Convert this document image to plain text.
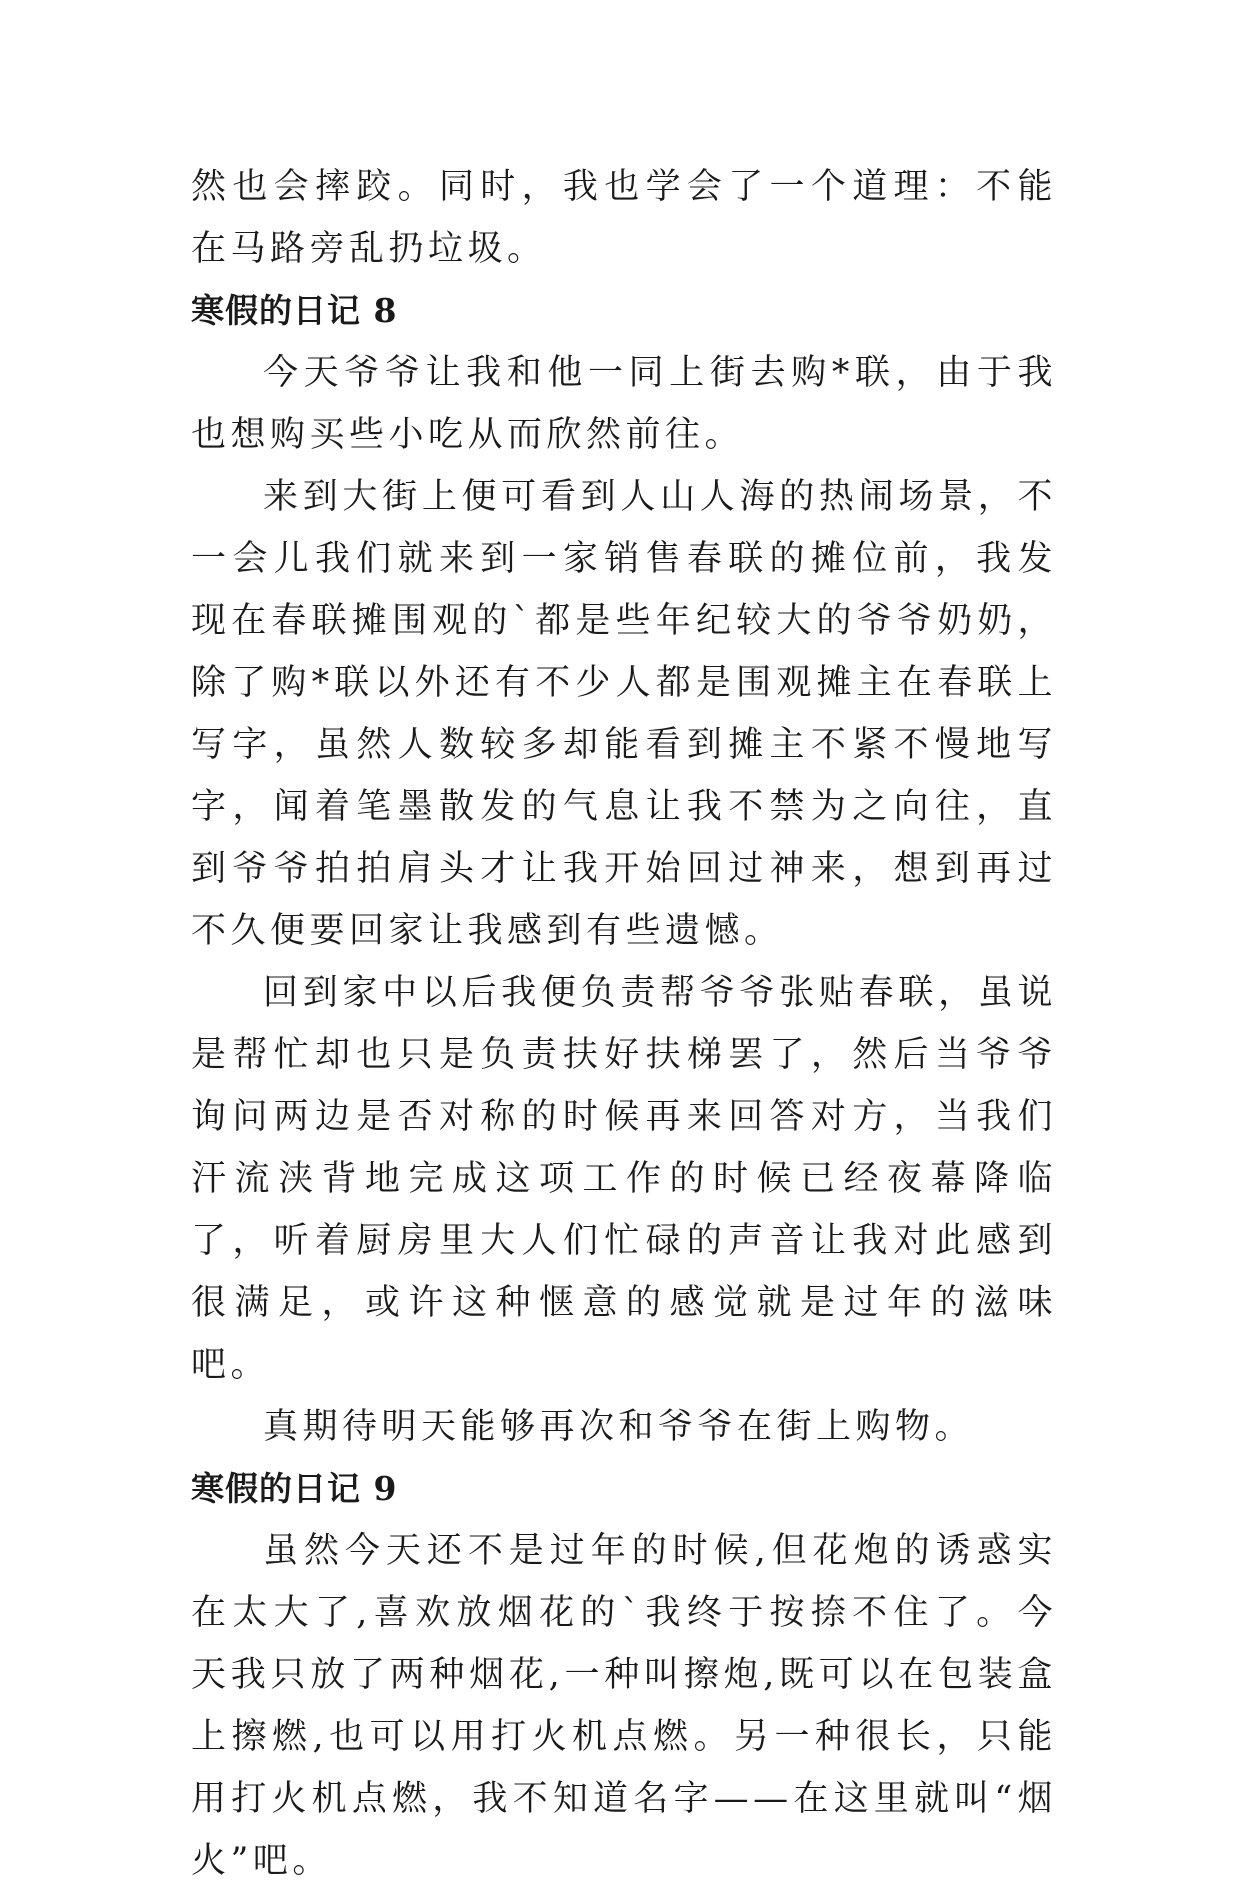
然也会摔跤。同时，我也学会了一个道理：不能在马路旁乱扔垃圾。

寒假的日记 8

今天爷爷让我和他一同上街去购*联，由于我也想购买些小吃从而欣然前往。

来到大街上便可看到人山人海的热闹场景，不一会儿我们就来到一家销售春联的摊位前，我发现在春联摊围观的`都是些年纪较大的爷爷奶奶，除了购*联以外还有不少人都是围观摊主在春联上写字，虽然人数较多却能看到摊主不紧不慢地写字，闻着笔墨散发的气息让我不禁为之向往，直到爷爷拍拍肩头才让我开始回过神来，想到再过不久便要回家让我感到有些遗憾。

回到家中以后我便负责帮爷爷张贴春联，虽说是帮忙却也只是负责扶好扶梯罢了，然后当爷爷询问两边是否对称的时候再来回答对方，当我们汗流浃背地完成这项工作的时候已经夜幕降临了，听着厨房里大人们忙碌的声音让我对此感到很满足，或许这种惬意的感觉就是过年的滋味吧。

真期待明天能够再次和爷爷在街上购物。

寒假的日记 9

虽然今天还不是过年的时候,但花炮的诱惑实在太大了,喜欢放烟花的`我终于按捺不住了。今天我只放了两种烟花,一种叫擦炮,既可以在包装盒上擦燃,也可以用打火机点燃。另一种很长，只能用打火机点燃，我不知道名字——在这里就叫“烟火”吧。
